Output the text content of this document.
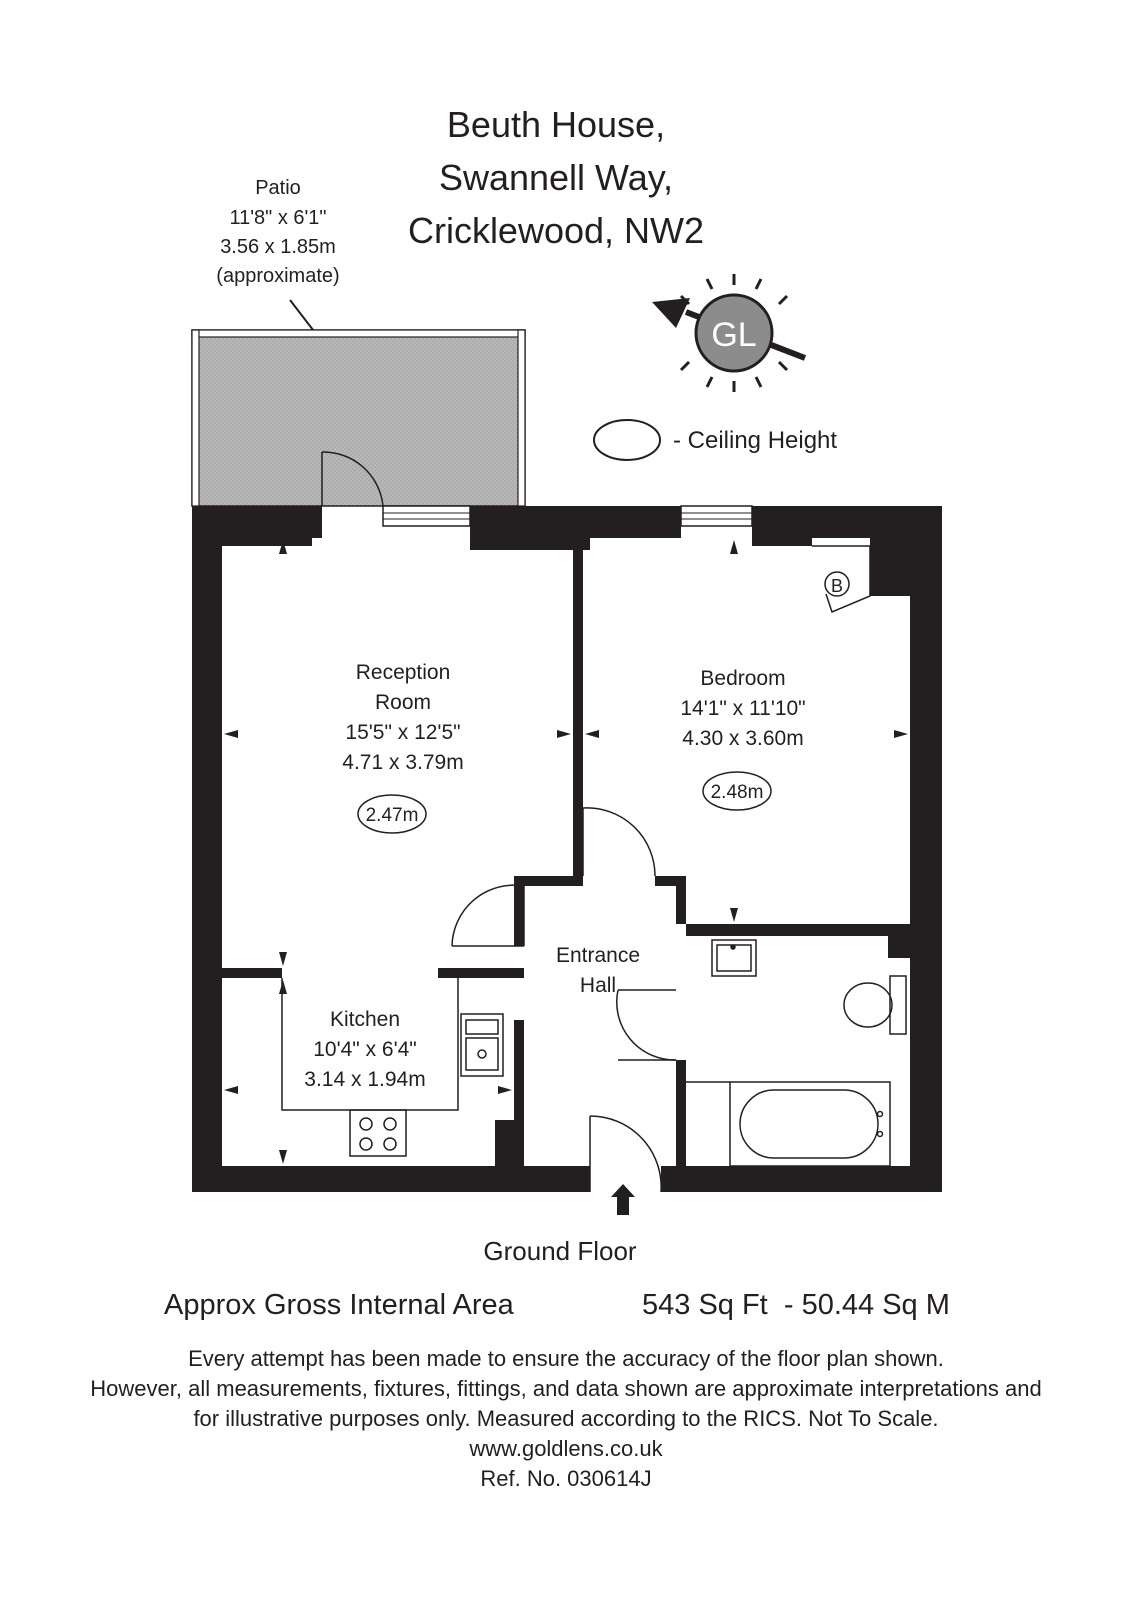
Beuth House,
Swannell Way,
Cricklewood, NW2
Patio
11'8" x 6'1"
3.56 x 1.85m
(approximate)
GL
- Ceiling Height
B
Reception
Room
15'5" x 12'5"
4.71 x 3.79m
2.47m
Bedroom
14'1" x 11'10"
4.30 x 3.60m
2.48m
Entrance
Hall
Kitchen
10'4" x 6'4"
3.14 x 1.94m
Ground Floor
Approx Gross Internal Area	543 Sq Ft  - 50.44 Sq M
Every attempt has been made to ensure the accuracy of the floor plan shown.
However, all measurements, fixtures, fittings, and data shown are approximate interpretations and
for illustrative purposes only. Measured according to the RICS. Not To Scale.
www.goldlens.co.uk
Ref. No. 030614J
